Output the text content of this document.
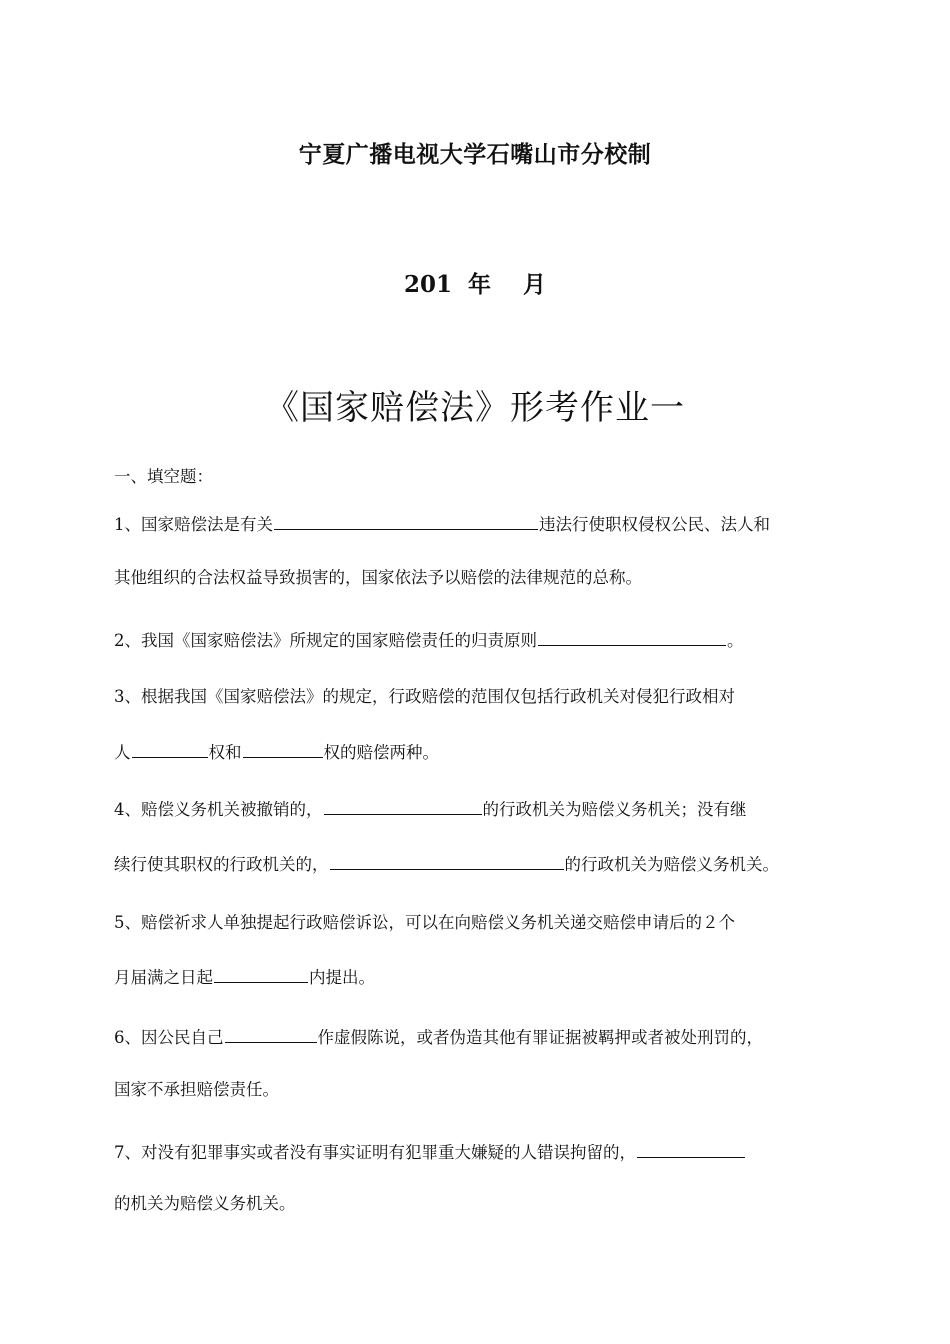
宁夏广播电视大学石嘴山市分校制
201 年 月
《国家赔偿法》形考作业一
一、填空题：
1、国家赔偿法是有关	违法行使职权侵权公民、法人和
其他组织的合法权益导致损害的，国家依法予以赔偿的法律规范的总称。
2、我国《国家赔偿法》所规定的国家赔偿责任的归责原则	。
3、根据我国《国家赔偿法》的规定，行政赔偿的范围仅包括行政机关对侵犯行政相对
人	权和	权的赔偿两种。
4、赔偿义务机关被撤销的，	的行政机关为赔偿义务机关；没有继
续行使其职权的行政机关的，	的行政机关为赔偿义务机关。
5、赔偿祈求人单独提起行政赔偿诉讼，可以在向赔偿义务机关递交赔偿申请后的２个
月届满之日起	内提出。
6、因公民自己	作虚假陈说，或者伪造其他有罪证据被羁押或者被处刑罚的，
国家不承担赔偿责任。
7、对没有犯罪事实或者没有事实证明有犯罪重大嫌疑的人错误拘留的，
的机关为赔偿义务机关。
